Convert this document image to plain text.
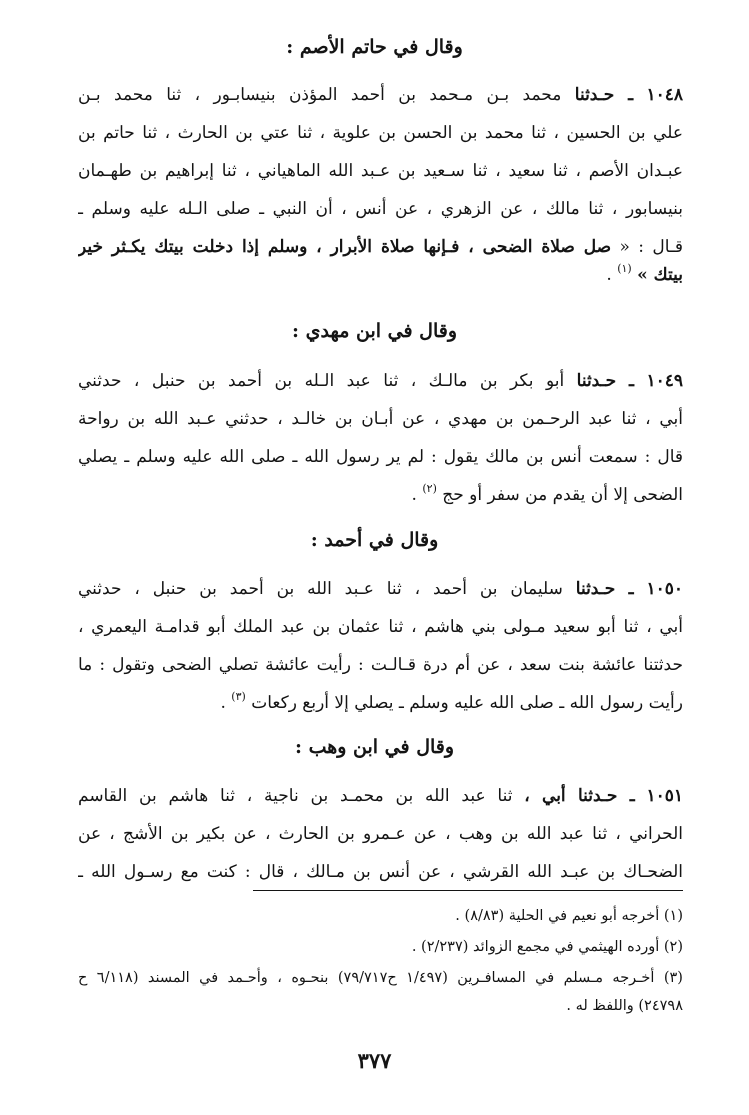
وقال في حاتم الأصم :
١٠٤٨ ـ حـدثنا محمد بـن مـحمد بن أحمد المؤذن بنيسابـور ، ثنا محمد بـن
علي بن الحسين ، ثنا محمد بن الحسن بن علوية ، ثنا عتي بن الحارث ، ثنا حاتم بن
عبـدان الأصم ، ثنا سعيد ، ثنا سـعيد بن عـبد الله الماهياني ، ثنا إبراهيم بن طهـمان
بنيسابور ، ثنا مالك ، عن الزهري ، عن أنس ، أن النبي ـ صلى الـله عليه وسلم ـ
قـال : « صل صلاة الضحى ، فـإنها صلاة الأبرار ، وسلم إذا دخلت بيتك يكـثر خير
بيتك » $^{(١)}$ .
وقال في ابن مهدي :
١٠٤٩ ـ حـدثنا أبو بكر بن مالـك ، ثنا عبد الـله بن أحمد بن حنبل ، حدثني
أبي ، ثنا عبد الرحـمن بن مهدي ، عن أبـان بن خالـد ، حدثني عـبد الله بن رواحة
قال : سمعت أنس بن مالك يقول : لم ير رسول الله ـ صلى الله عليه وسلم ـ يصلي
الضحى إلا أن يقدم من سفر أو حج $^{(٢)}$ .
وقال في أحمد :
١٠٥٠ ـ حـدثنا سليمان بن أحمد ، ثنا عـبد الله بن أحمد بن حنبل ، حدثني
أبي ، ثنا أبو سعيد مـولى بني هاشم ، ثنا عثمان بن عبد الملك أبو قدامـة اليعمري ،
حدثتنا عائشة بنت سعد ، عن أم درة قـالـت : رأيت عائشة تصلي الضحى وتقول : ما
رأيت رسول الله ـ صلى الله عليه وسلم ـ يصلي إلا أربع ركعات $^{(٣)}$ .
وقال في ابن وهب :
١٠٥١ ـ حـدثنا أبي ، ثنا عبد الله بن محمـد بن ناجية ، ثنا هاشم بن القاسم
الحراني ، ثنا عبد الله بن وهب ، عن عـمرو بن الحارث ، عن بكير بن الأشج ، عن
الضحـاك بن عبـد الله القرشي ، عن أنس بن مـالك ، قال : كنت مع رسـول الله ـ
(١) أخرجه أبو نعيم في الحلية (٨/٨٣) .
(٢) أورده الهيثمي في مجمع الزوائد (٢/٢٣٧) .
(٣) أخـرجه مـسلم في المسافـرين (١/٤٩٧ ح٧٩/٧١٧) بنحـوه ، وأحـمد في المسند (٦/١١٨ ح
٢٤٧٩٨) واللفظ له .
٣٧٧
